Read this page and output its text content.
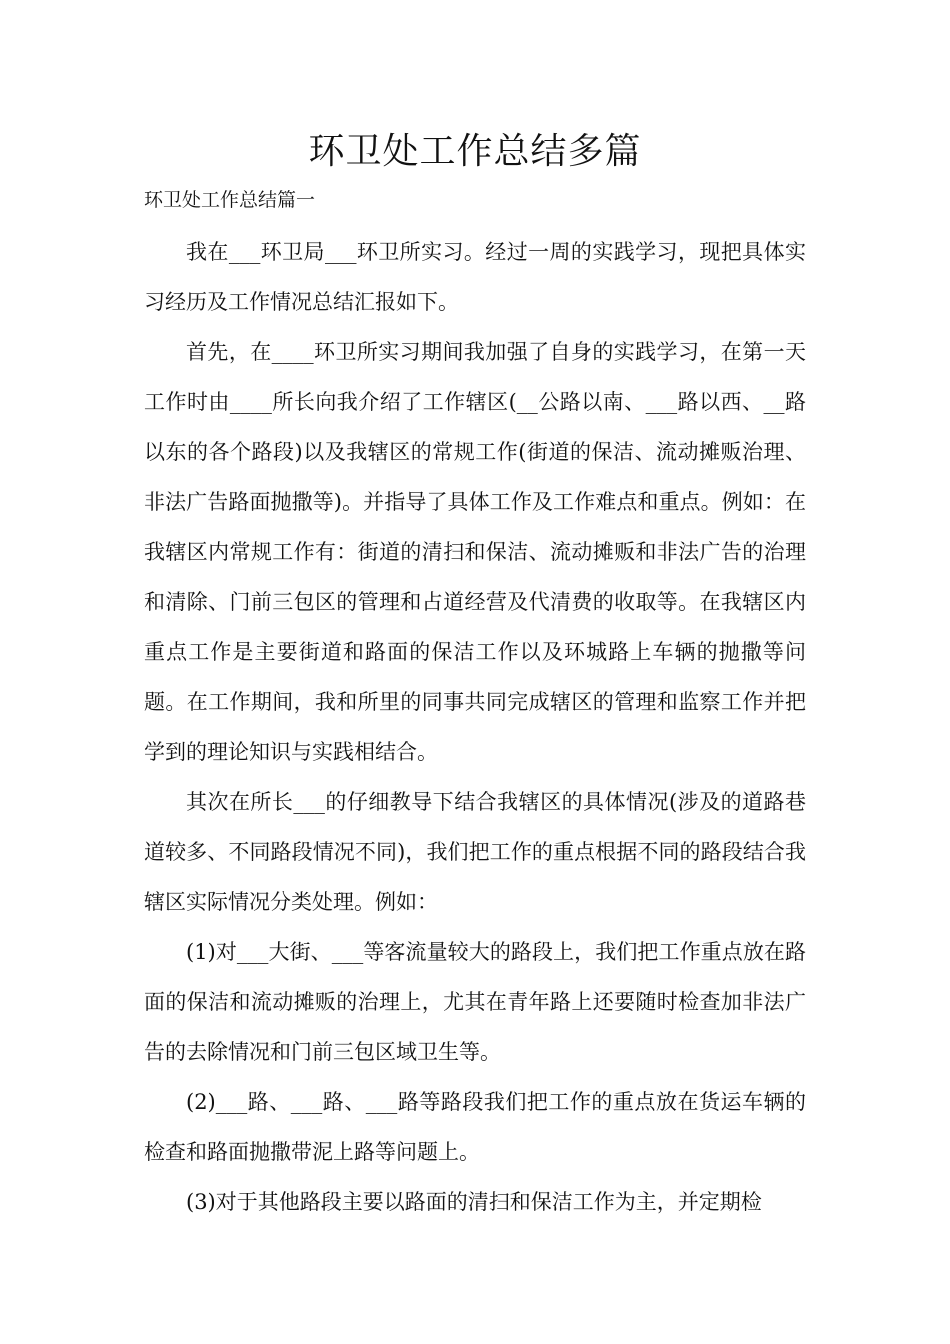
环卫处工作总结多篇
环卫处工作总结篇一

我在___环卫局___环卫所实习。经过一周的实践学习，现把具体实习经历及工作情况总结汇报如下。

首先，在____环卫所实习期间我加强了自身的实践学习，在第一天工作时由____所长向我介绍了工作辖区(__公路以南、___路以西、__路以东的各个路段)以及我辖区的常规工作(街道的保洁、流动摊贩治理、非法广告路面抛撒等)。并指导了具体工作及工作难点和重点。例如：在我辖区内常规工作有：街道的清扫和保洁、流动摊贩和非法广告的治理和清除、门前三包区的管理和占道经营及代清费的收取等。在我辖区内重点工作是主要街道和路面的保洁工作以及环城路上车辆的抛撒等问题。在工作期间，我和所里的同事共同完成辖区的管理和监察工作并把学到的理论知识与实践相结合。

其次在所长___的仔细教导下结合我辖区的具体情况(涉及的道路巷道较多、不同路段情况不同)，我们把工作的重点根据不同的路段结合我辖区实际情况分类处理。例如：

(1)对___大街、___等客流量较大的路段上，我们把工作重点放在路面的保洁和流动摊贩的治理上，尤其在青年路上还要随时检查加非法广告的去除情况和门前三包区域卫生等。

(2)___路、___路、___路等路段我们把工作的重点放在货运车辆的检查和路面抛撒带泥上路等问题上。

(3)对于其他路段主要以路面的清扫和保洁工作为主，并定期检
